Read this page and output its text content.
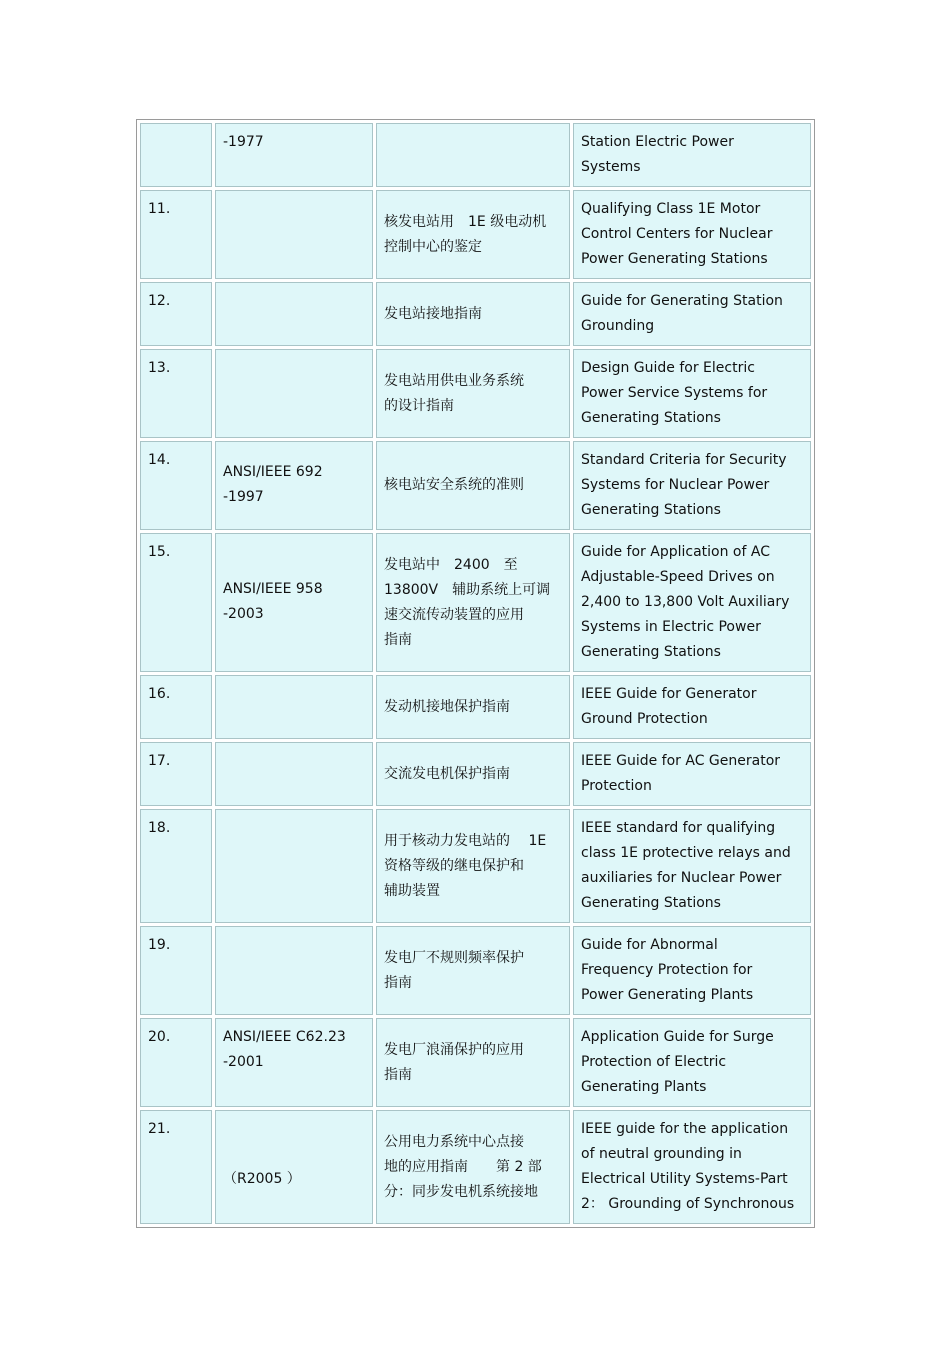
	-1977		Station Electric Power
Systems
11.		核发电站用　1E 级电动机
控制中心的鉴定	Qualifying Class 1E Motor
Control Centers for Nuclear
Power Generating Stations
12.		发电站接地指南	Guide for Generating Station
Grounding
13.		发电站用供电业务系统
的设计指南	Design Guide for Electric
Power Service Systems for
Generating Stations
14.	ANSI/IEEE 692
-1997	核电站安全系统的准则	Standard Criteria for Security
Systems for Nuclear Power
Generating Stations
15.	ANSI/IEEE 958
-2003	发电站中　2400　至
13800V　辅助系统上可调
速交流传动装置的应用
指南	Guide for Application of AC
Adjustable-Speed Drives on
2,400 to 13,800 Volt Auxiliary
Systems in Electric Power
Generating Stations
16.		发动机接地保护指南	IEEE Guide for Generator
Ground Protection
17.		交流发电机保护指南	IEEE Guide for AC Generator
Protection
18.		用于核动力发电站的　 1E
资格等级的继电保护和
辅助装置	IEEE standard for qualifying
class 1E protective relays and
auxiliaries for Nuclear Power
Generating Stations
19.		发电厂不规则频率保护
指南	Guide for Abnormal
Frequency Protection for
Power Generating Plants
20.	ANSI/IEEE C62.23
-2001	发电厂浪涌保护的应用
指南	Application Guide for Surge
Protection of Electric
Generating Plants
21.	（R2005 ）	公用电力系统中心点接
地的应用指南　　第 2 部
分：同步发电机系统接地	IEEE guide for the application
of neutral grounding in
Electrical Utility Systems-Part
2： Grounding of Synchronous
